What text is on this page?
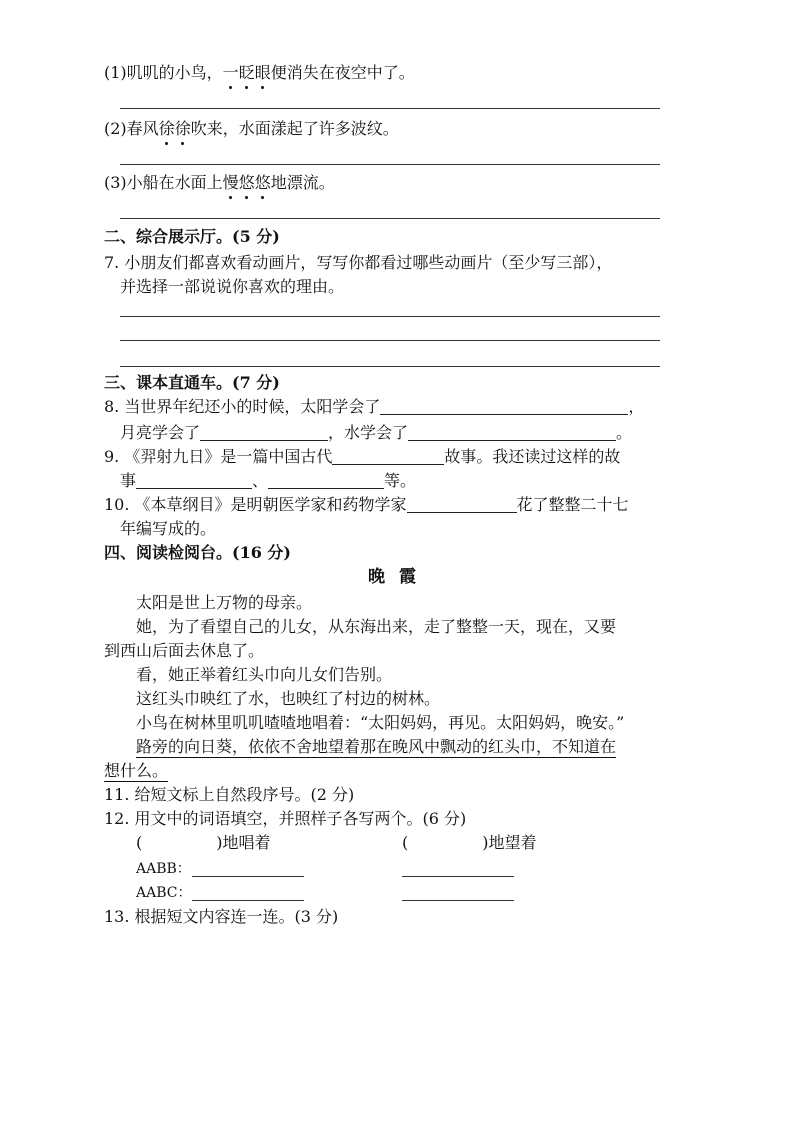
(1)叽叽的小鸟，一眨眼便消失在夜空中了。
(2)春风徐徐吹来，水面漾起了许多波纹。
(3)小船在水面上慢悠悠地漂流。
二、综合展示厅。(5 分)
7. 小朋友们都喜欢看动画片，写写你都看过哪些动画片（至少写三部），
并选择一部说说你喜欢的理由。
三、课本直通车。(7 分)
8. 当世界年纪还小的时候，太阳学会了	，
月亮学会了	，水学会了	。
9. 《羿射九日》是一篇中国古代	故事。我还读过这样的故
事	、	等。
10. 《本草纲目》是明朝医学家和药物学家	花了整整二十七
年编写成的。
四、阅读检阅台。(16 分)
晚霞
太阳是世上万物的母亲。
她，为了看望自己的儿女，从东海出来，走了整整一天，现在，又要
到西山后面去休息了。
看，她正举着红头巾向儿女们告别。
这红头巾映红了水，也映红了村边的树林。
小鸟在树林里叽叽喳喳地唱着：“太阳妈妈，再见。太阳妈妈，晚安。”
路旁的向日葵，依依不舍地望着那在晚风中飘动的红头巾，不知道在
想什么。
11. 给短文标上自然段序号。(2 分)
12. 用文中的词语填空，并照样子各写两个。(6 分)
(	)地唱着	(	)地望着
AABB：
AABC：
13. 根据短文内容连一连。(3 分)
